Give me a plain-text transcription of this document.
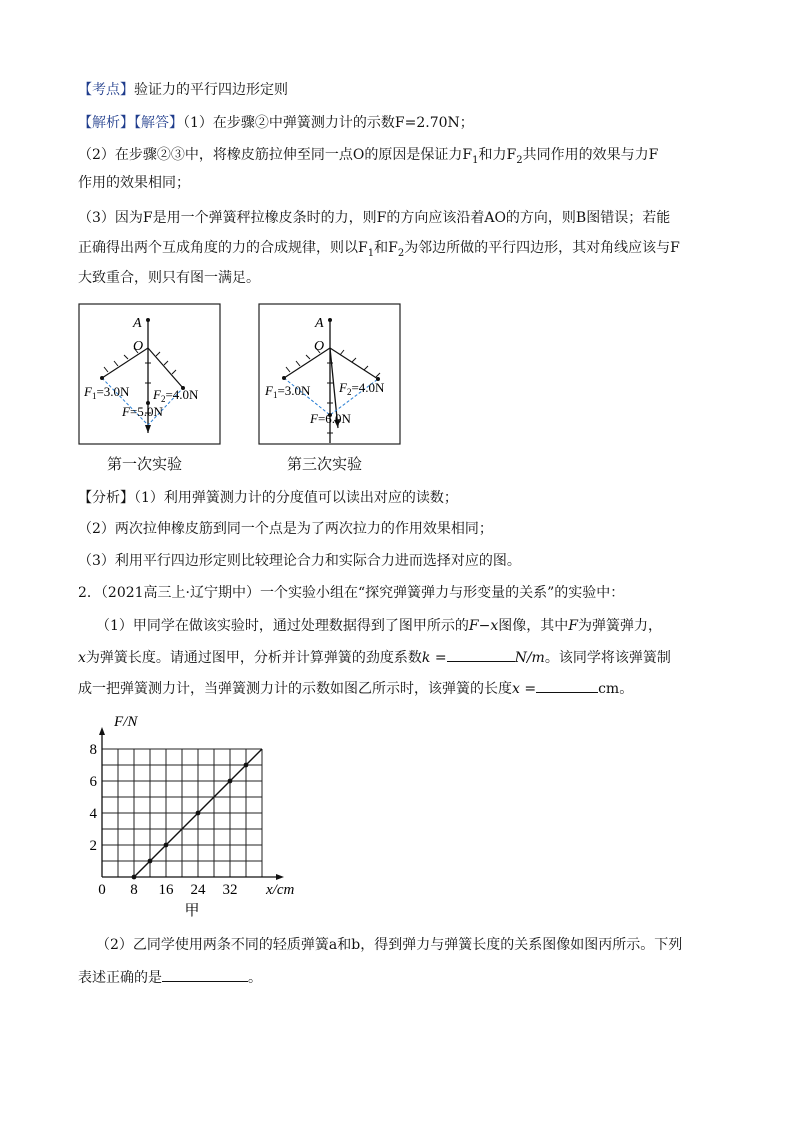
【考点】验证力的平行四边形定则
【解析】【解答】（1）在步骤②中弹簧测力计的示数F=2.70N；
（2）在步骤②③中，将橡皮筋拉伸至同一点O的原因是保证力$F_1$和力$F_2$共同作用的效果与力F
作用的效果相同；
（3）因为F是用一个弹簧秤拉橡皮条时的力，则F的方向应该沿着AO的方向，则B图错误；若能
正确得出两个互成角度的力的合成规律，则以$F_1$和$F_2$为邻边所做的平行四边形，其对角线应该与F
大致重合，则只有图一满足。
A
O
$F_1=3.0N$ $F_2=4.0N$
F=5.0N
第一次实验
A
O
$F_1=3.0N$ $F_2=4.0N$
F=6.0N
第三次实验
【分析】（1）利用弹簧测力计的分度值可以读出对应的读数；
（2）两次拉伸橡皮筋到同一个点是为了两次拉力的作用效果相同；
（3）利用平行四边形定则比较理论合力和实际合力进而选择对应的图。
2．（2021高三上·辽宁期中）一个实验小组在“探究弹簧弹力与形变量的关系”的实验中：
（1）甲同学在做该实验时，通过处理数据得到了图甲所示的F−x图像，其中F为弹簧弹力，
x为弹簧长度。请通过图甲，分析并计算弹簧的劲度系数k =	N/m。该同学将该弹簧制
成一把弹簧测力计，当弹簧测力计的示数如图乙所示时，该弹簧的长度x =	cm。
0 8 16 24 32
2
4
6
8
x/cm
F/N
甲
（2）乙同学使用两条不同的轻质弹簧a和b，得到弹力与弹簧长度的关系图像如图丙所示。下列
表述正确的是	。
